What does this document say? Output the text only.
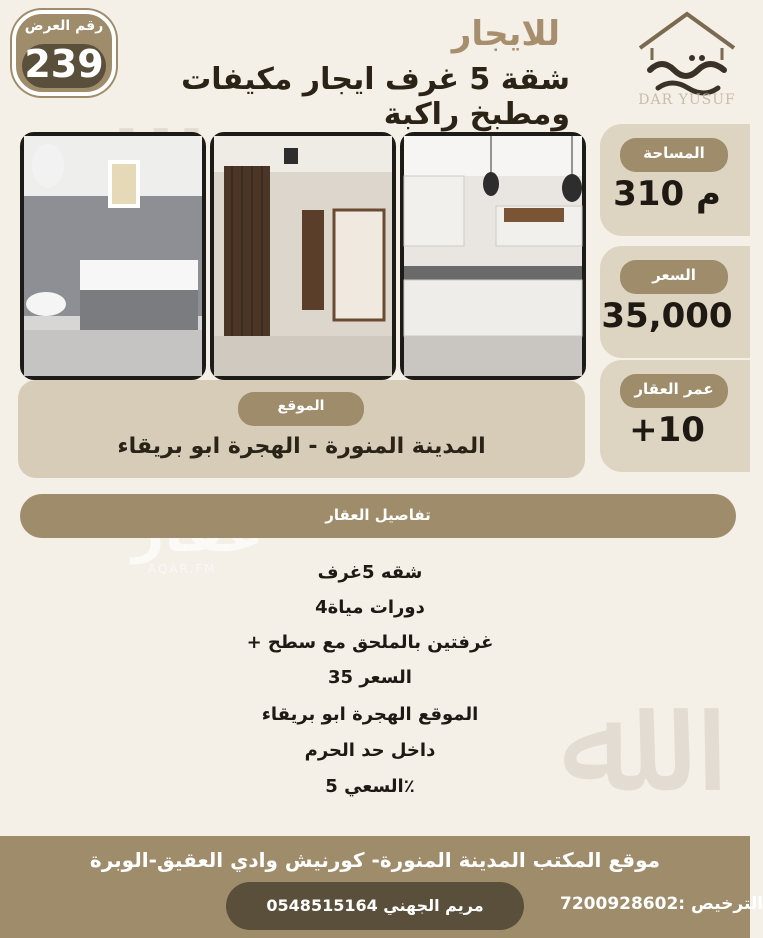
ﷲ
DAR YUSUF
رقم العرض
239
للايجار
شقة 5 غرف ايجار مكيفات ومطبخ راكبة
المساحة
310 م
السعر
35,000
عمر العقار
+10
الموقع
المدينة المنورة - الهجرة ابو بريقاء
AQAR.FM
تفاصيل العقار
شقه 5غرف
4دورات مياة
+ غرفتين بالملحق مع سطح
السعر 35
الموقع الهجرة ابو بريقاء
داخل حد الحرم
السعي 5٪
موقع المكتب المدينة المنورة- كورنيش وادي العقيق-الوبرة
مريم الجهني 0548515164	الترخيص :7200928602
